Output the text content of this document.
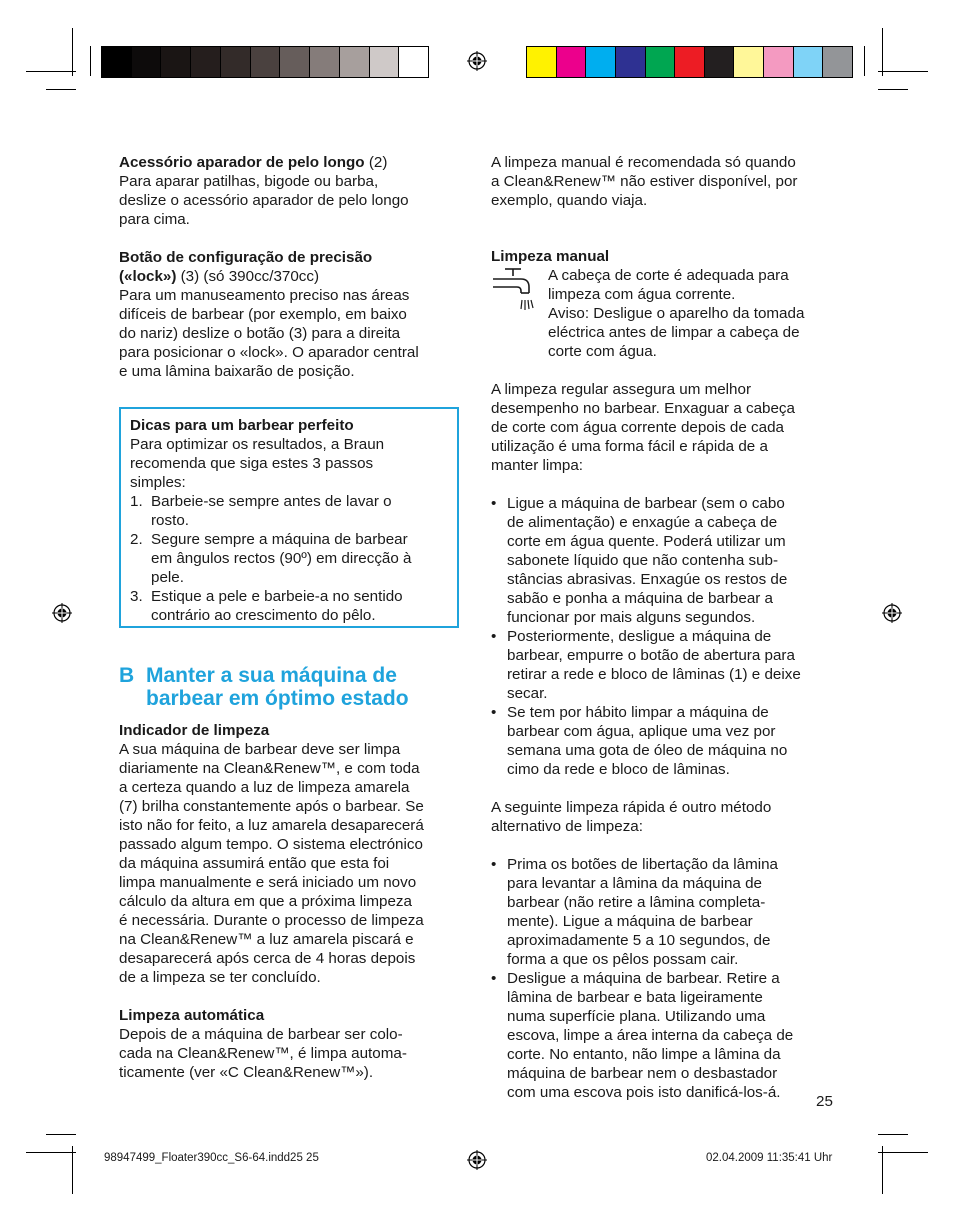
Acessório aparador de pelo longo (2)

Para aparar patilhas, bigode ou barba,

deslize o acessório aparador de pelo longo

para cima.

Botão de configuração de precisão

(«lock») (3) (só 390cc/370cc)

Para um manuseamento preciso nas áreas

difíceis de barbear (por exemplo, em baixo

do nariz) deslize o botão (3) para a direita

para posicionar o «lock». O aparador central

e uma lâmina baixarão de posição.

Dicas para um barbear perfeito

Para optimizar os resultados, a Braun

recomenda que siga estes 3 passos

simples:

1. Barbeie-se sempre antes de lavar o

rosto.

2. Segure sempre a máquina de barbear

em ângulos rectos (90º) em direcção à

pele.

3. Estique a pele e barbeie-a no sentido

contrário ao crescimento do pêlo.

B Manter a sua máquina de
barbear em óptimo estado

Indicador de limpeza

A sua máquina de barbear deve ser limpa

diariamente na Clean&Renew™, e com toda

a certeza quando a luz de limpeza amarela

(7) brilha constantemente após o barbear. Se

isto não for feito, a luz amarela desaparecerá

passado algum tempo. O sistema electrónico

da máquina assumirá então que esta foi

limpa manualmente e será iniciado um novo

cálculo da altura em que a próxima limpeza

é necessária. Durante o processo de limpeza

na Clean&Renew™ a luz amarela piscará e

desaparecerá após cerca de 4 horas depois

de a limpeza se ter concluído.

Limpeza automática

Depois de a máquina de barbear ser colo-

cada na Clean&Renew™, é limpa automa-

ticamente (ver «C Clean&Renew™»).

A limpeza manual é recomendada só quando

a Clean&Renew™ não estiver disponível, por

exemplo, quando viaja.

Limpeza manual

A cabeça de corte é adequada para

limpeza com água corrente.

Aviso: Desligue o aparelho da tomada

eléctrica antes de limpar a cabeça de

corte com água.

A limpeza regular assegura um melhor

desempenho no barbear. Enxaguar a cabeça

de corte com água corrente depois de cada

utilização é uma forma fácil e rápida de a

manter limpa:

• Ligue a máquina de barbear (sem o cabo

de alimentação) e enxagúe a cabeça de

corte em água quente. Poderá utilizar um

sabonete líquido que não contenha sub-

stâncias abrasivas. Enxagúe os restos de

sabão e ponha a máquina de barbear a

funcionar por mais alguns segundos.

• Posteriormente, desligue a máquina de

barbear, empurre o botão de abertura para

retirar a rede e bloco de lâminas (1) e deixe

secar.

• Se tem por hábito limpar a máquina de

barbear com água, aplique uma vez por

semana uma gota de óleo de máquina no

cimo da rede e bloco de lâminas.

A seguinte limpeza rápida é outro método

alternativo de limpeza:

• Prima os botões de libertação da lâmina

para levantar a lâmina da máquina de

barbear (não retire a lâmina completa-

mente). Ligue a máquina de barbear

aproximadamente 5 a 10 segundos, de

forma a que os pêlos possam cair.

• Desligue a máquina de barbear. Retire a

lâmina de barbear e bata ligeiramente

numa superfície plana. Utilizando uma

escova, limpe a área interna da cabeça de

corte. No entanto, não limpe a lâmina da

máquina de barbear nem o desbastador

com uma escova pois isto danificá-los-á.

25
98947499_Floater390cc_S6-64.indd25 25	02.04.2009 11:35:41 Uhr
